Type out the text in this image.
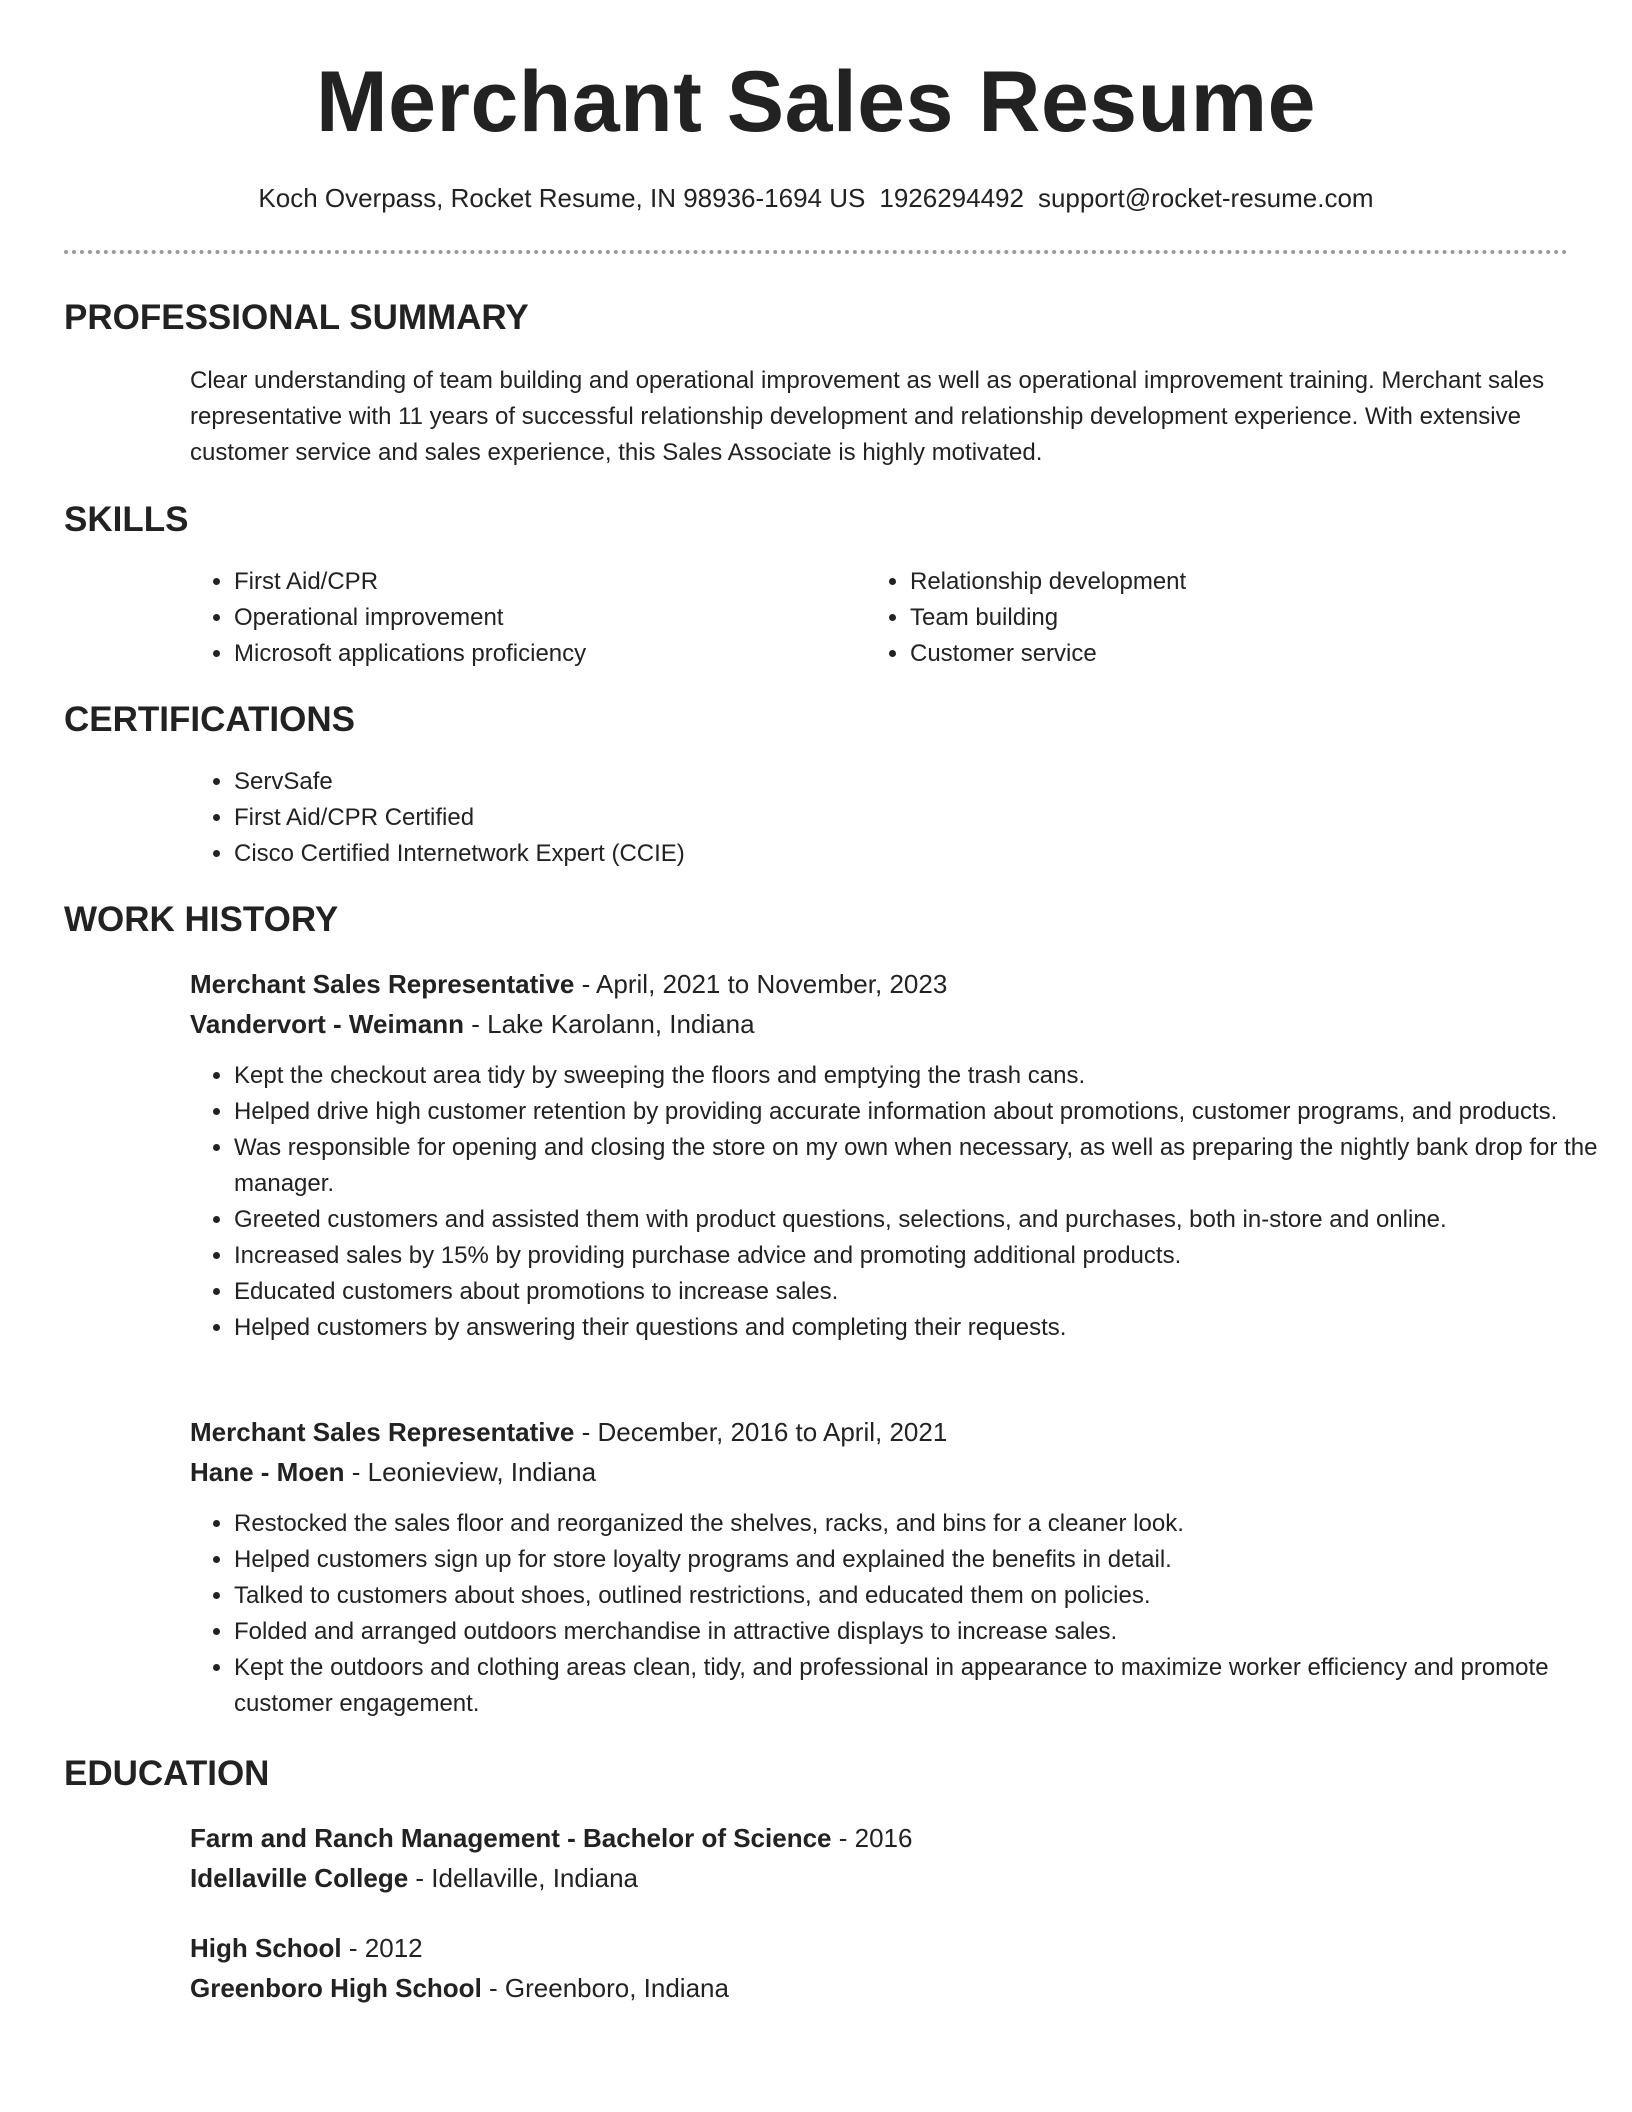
Merchant Sales Resume
Koch Overpass, Rocket Resume, IN 98936-1694 US 1926294492 support@rocket-resume.com
PROFESSIONAL SUMMARY

Clear understanding of team building and operational improvement as well as operational improvement training. Merchant sales representative with 11 years of successful relationship development and relationship development experience. With extensive customer service and sales experience, this Sales Associate is highly motivated.

SKILLS
• First Aid/CPR
• Operational improvement
• Microsoft applications proficiency
• Relationship development
• Team building
• Customer service
CERTIFICATIONS
• ServSafe
• First Aid/CPR Certified
• Cisco Certified Internetwork Expert (CCIE)
WORK HISTORY
Merchant Sales Representative - April, 2021 to November, 2023
Vandervort - Weimann - Lake Karolann, Indiana
• Kept the checkout area tidy by sweeping the floors and emptying the trash cans.
• Helped drive high customer retention by providing accurate information about promotions, customer programs, and products.
• Was responsible for opening and closing the store on my own when necessary, as well as preparing the nightly bank drop for the manager.
• Greeted customers and assisted them with product questions, selections, and purchases, both in-store and online.
• Increased sales by 15% by providing purchase advice and promoting additional products.
• Educated customers about promotions to increase sales.
• Helped customers by answering their questions and completing their requests.
Merchant Sales Representative - December, 2016 to April, 2021
Hane - Moen - Leonieview, Indiana
• Restocked the sales floor and reorganized the shelves, racks, and bins for a cleaner look.
• Helped customers sign up for store loyalty programs and explained the benefits in detail.
• Talked to customers about shoes, outlined restrictions, and educated them on policies.
• Folded and arranged outdoors merchandise in attractive displays to increase sales.
• Kept the outdoors and clothing areas clean, tidy, and professional in appearance to maximize worker efficiency and promote customer engagement.
EDUCATION
Farm and Ranch Management - Bachelor of Science - 2016
Idellaville College - Idellaville, Indiana
High School - 2012
Greenboro High School - Greenboro, Indiana
